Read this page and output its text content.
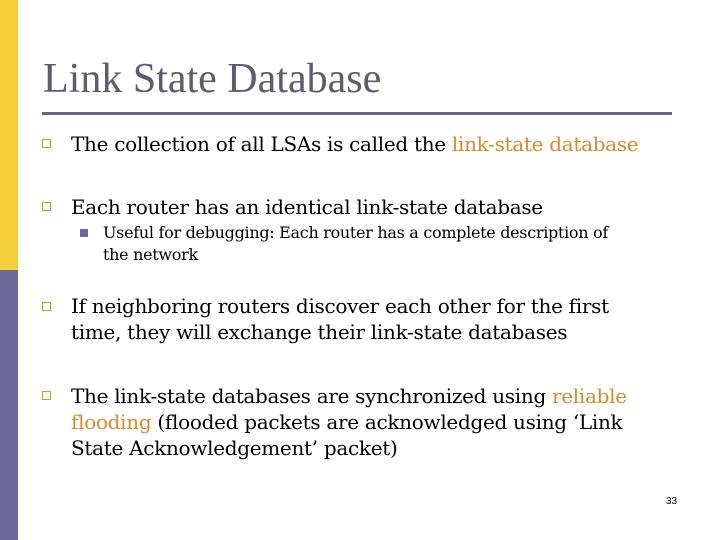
Link State Database
The collection of all LSAs is called the link-state database
Each router has an identical link-state database
Useful for debugging: Each router has a complete description of
the network
If neighboring routers discover each other for the first
time, they will exchange their link-state databases
The link-state databases are synchronized using reliable
flooding (flooded packets are acknowledged using ‘Link
State Acknowledgement’ packet)
33
